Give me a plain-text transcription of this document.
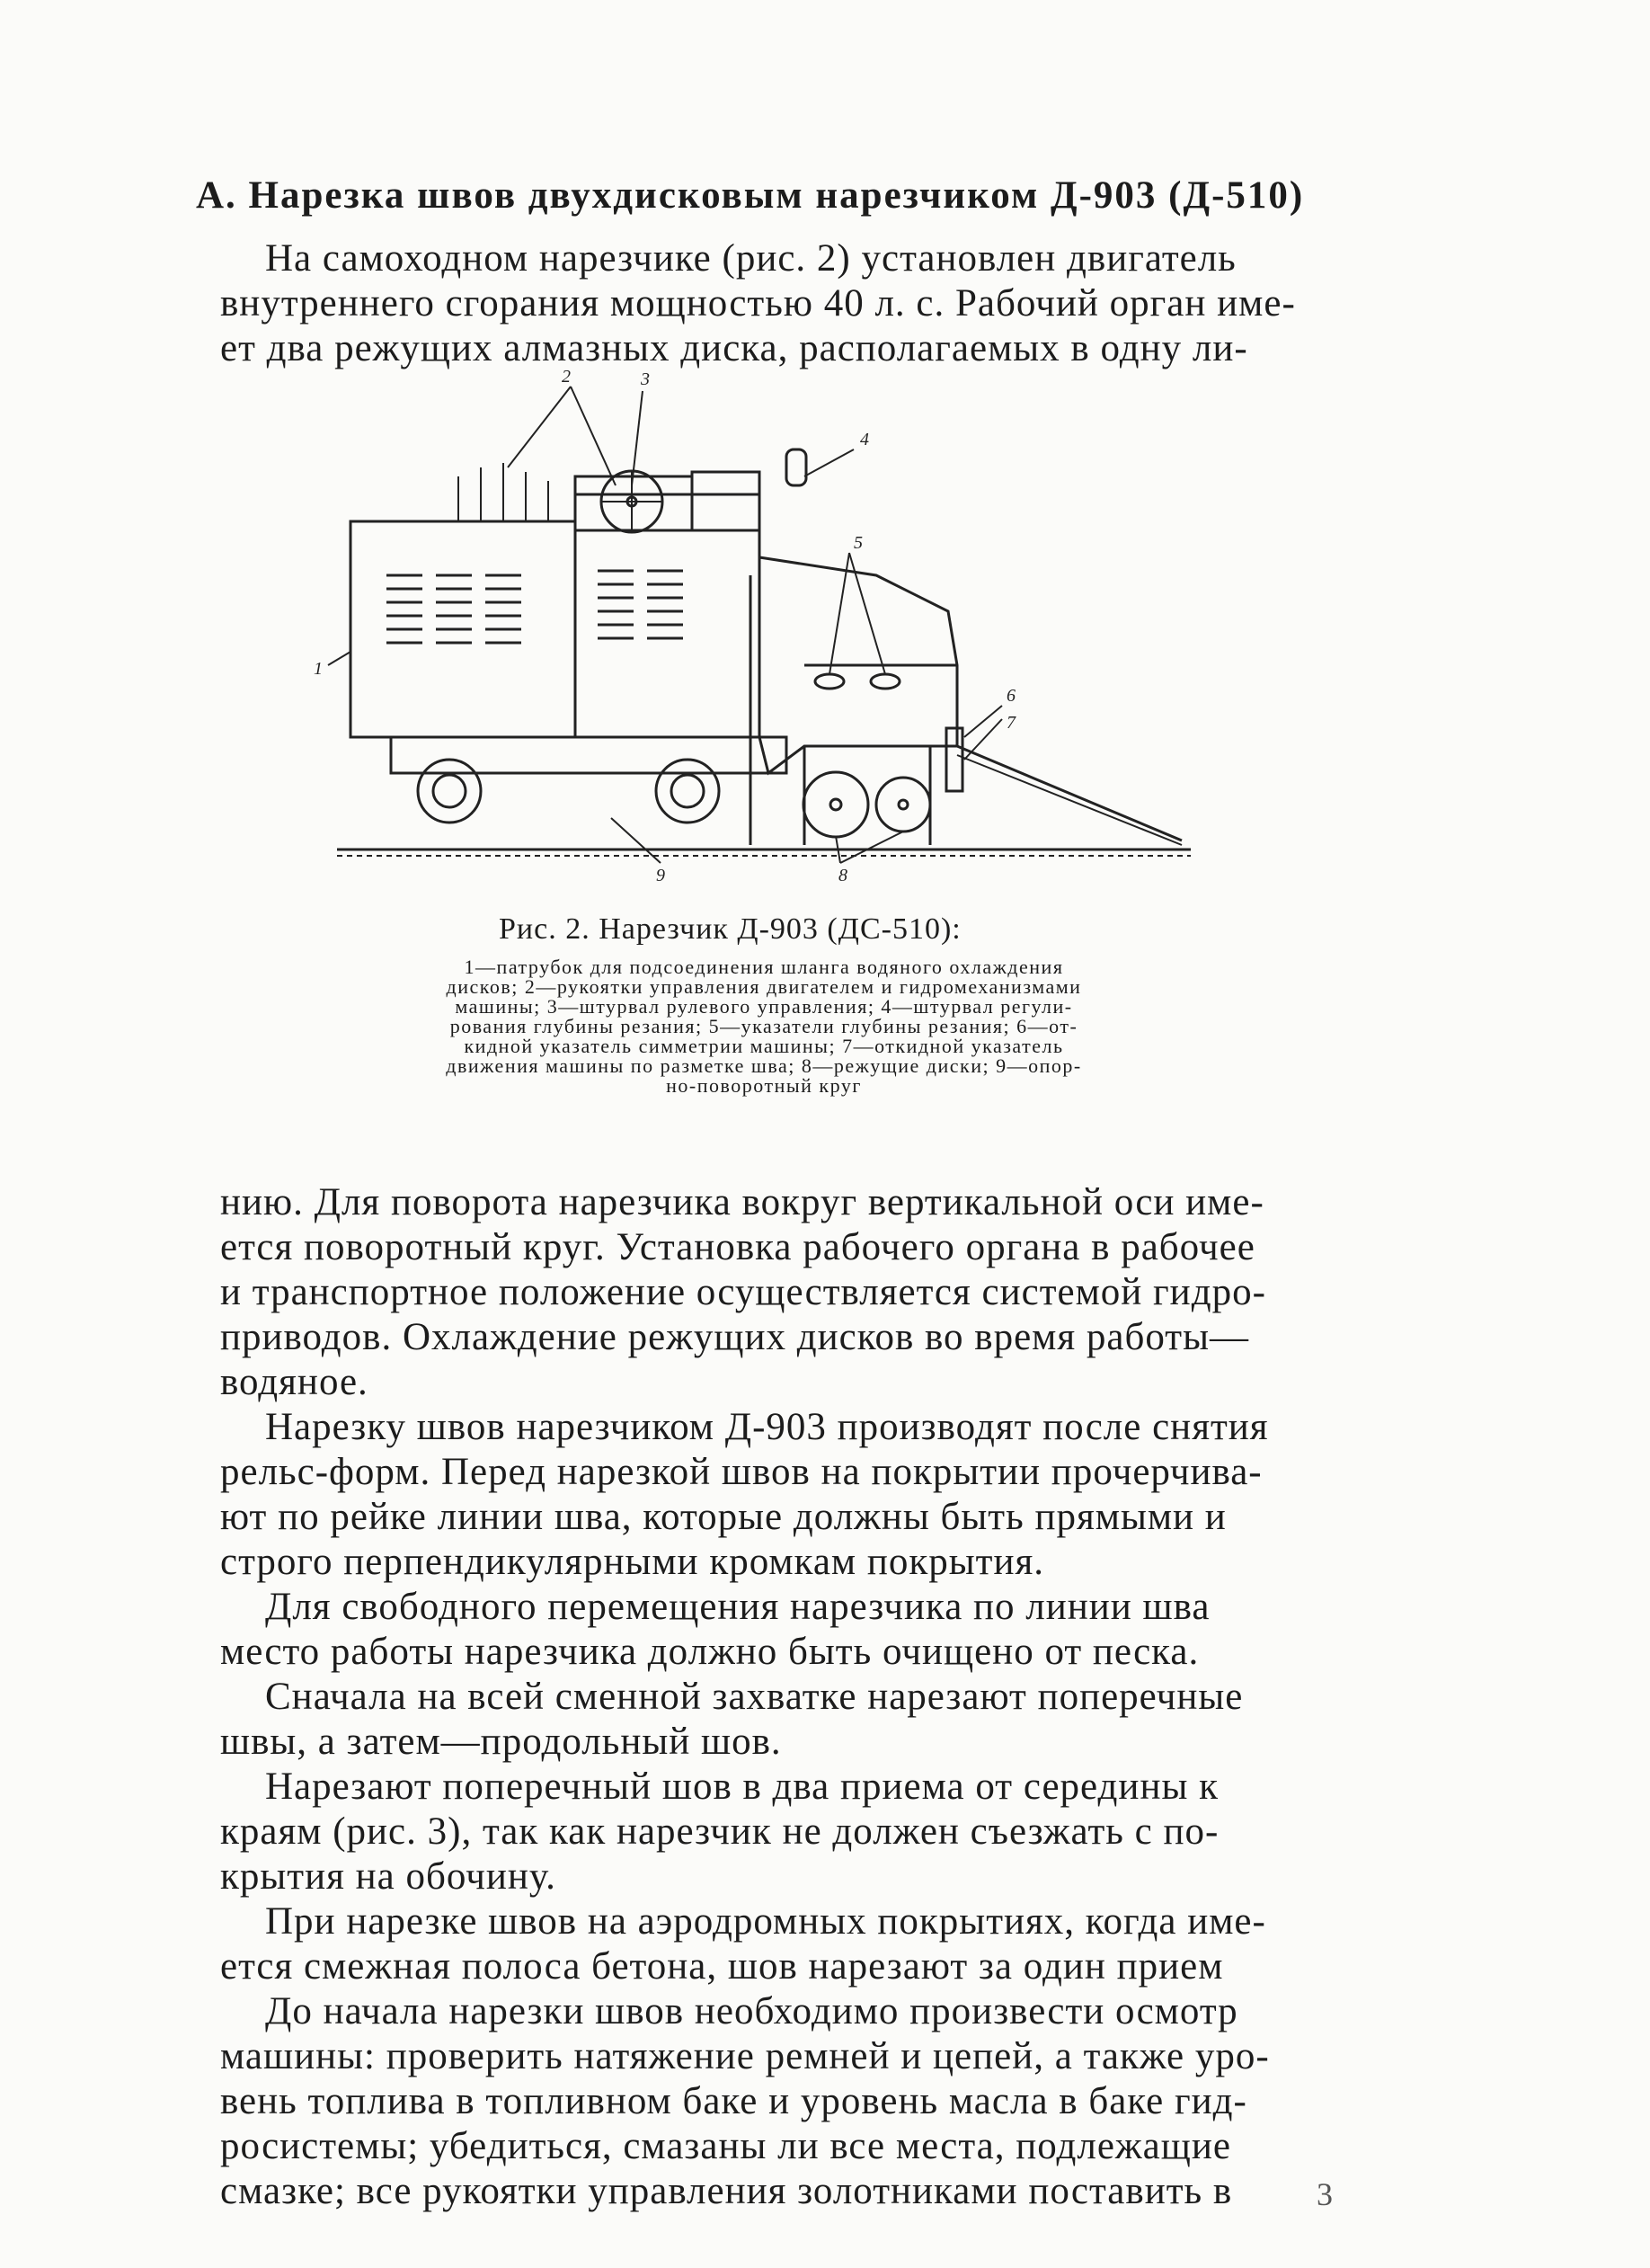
А. Нарезка швов двухдисковым нарезчиком Д-903 (Д-510)
На самоходном нарезчике (рис. 2) установлен двигатель
внутреннего сгорания мощностью 40 л. с. Рабочий орган име-
ет два режущих алмазных диска, располагаемых в одну ли-
2	3
4
5
6
7
1
9	8
Рис. 2. Нарезчик Д-903 (ДС-510):
1—патрубок для подсоединения шланга водяного охлаждения
дисков; 2—рукоятки управления двигателем и гидромеханизмами
машины; 3—штурвал рулевого управления; 4—штурвал регули-
рования глубины резания; 5—указатели глубины резания; 6—от-
кидной указатель симметрии машины; 7—откидной указатель
движения машины по разметке шва; 8—режущие диски; 9—опор-
но-поворотный круг
нию. Для поворота нарезчика вокруг вертикальной оси име-
ется поворотный круг. Установка рабочего органа в рабочее
и транспортное положение осуществляется системой гидро-
приводов. Охлаждение режущих дисков во время работы—
водяное.
Нарезку швов нарезчиком Д-903 производят после снятия
рельс-форм. Перед нарезкой швов на покрытии прочерчива-
ют по рейке линии шва, которые должны быть прямыми и
строго перпендикулярными кромкам покрытия.
Для свободного перемещения нарезчика по линии шва
место работы нарезчика должно быть очищено от песка.
Сначала на всей сменной захватке нарезают поперечные
швы, а затем—продольный шов.
Нарезают поперечный шов в два приема от середины к
краям (рис. 3), так как нарезчик не должен съезжать с по-
крытия на обочину.
При нарезке швов на аэродромных покрытиях, когда име-
ется смежная полоса бетона, шов нарезают за один прием
До начала нарезки швов необходимо произвести осмотр
машины: проверить натяжение ремней и цепей, а также уро-
вень топлива в топливном баке и уровень масла в баке гид-
росистемы; убедиться, смазаны ли все места, подлежащие
смазке; все рукоятки управления золотниками поставить в	3
